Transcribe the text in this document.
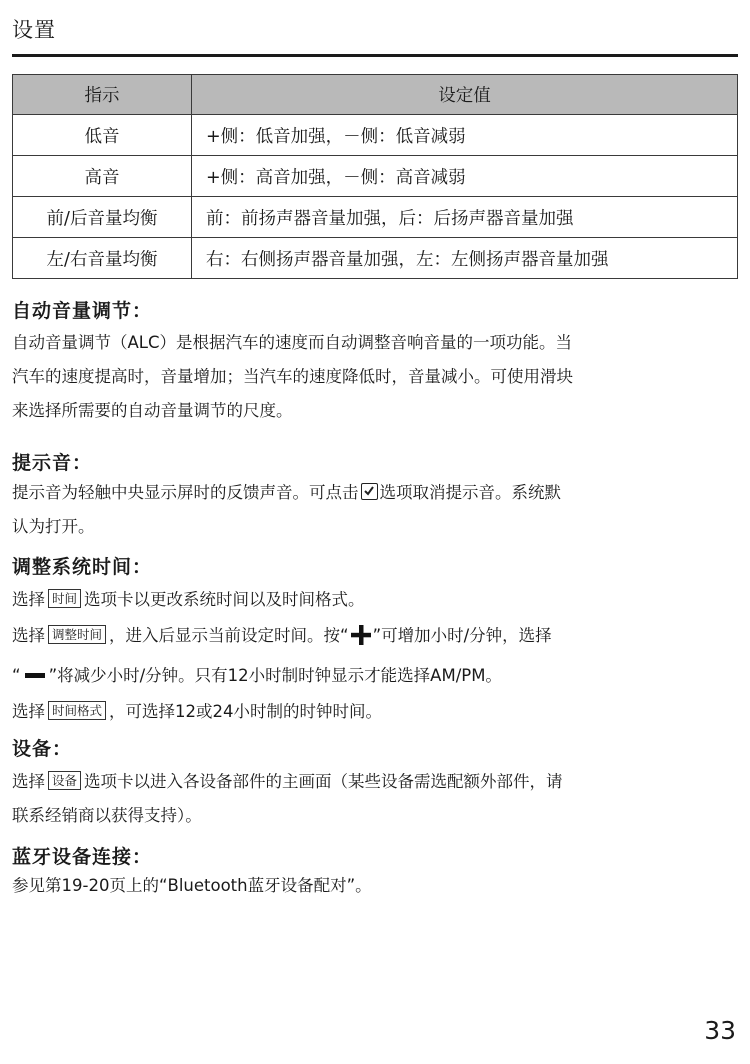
设置
指示	设定值
低音	+侧：低音加强，－侧：低音减弱
高音	+侧：高音加强，－侧：高音减弱
前/后音量均衡	前：前扬声器音量加强，后：后扬声器音量加强
左/右音量均衡	右：右侧扬声器音量加强，左：左侧扬声器音量加强
自动音量调节：
自动音量调节（ALC）是根据汽车的速度而自动调整音响音量的一项功能。当
汽车的速度提高时，音量增加；当汽车的速度降低时，音量减小。可使用滑块
来选择所需要的自动音量调节的尺度。
提示音：
提示音为轻触中央显示屏时的反馈声音。可点击 选项取消提示音。系统默
认为打开。
调整系统时间：
选择 时间 选项卡以更改系统时间以及时间格式。
选择 调整时间 ，进入后显示当前设定时间。按“ ”可增加小时/分钟，选择
“ ”将减少小时/分钟。只有12小时制时钟显示才能选择AM/PM。
选择 时间格式 ，可选择12或24小时制的时钟时间。
设备：
选择 设备 选项卡以进入各设备部件的主画面（某些设备需选配额外部件，请
联系经销商以获得支持）。
蓝牙设备连接：
参见第19-20页上的“Bluetooth蓝牙设备配对”。
33
